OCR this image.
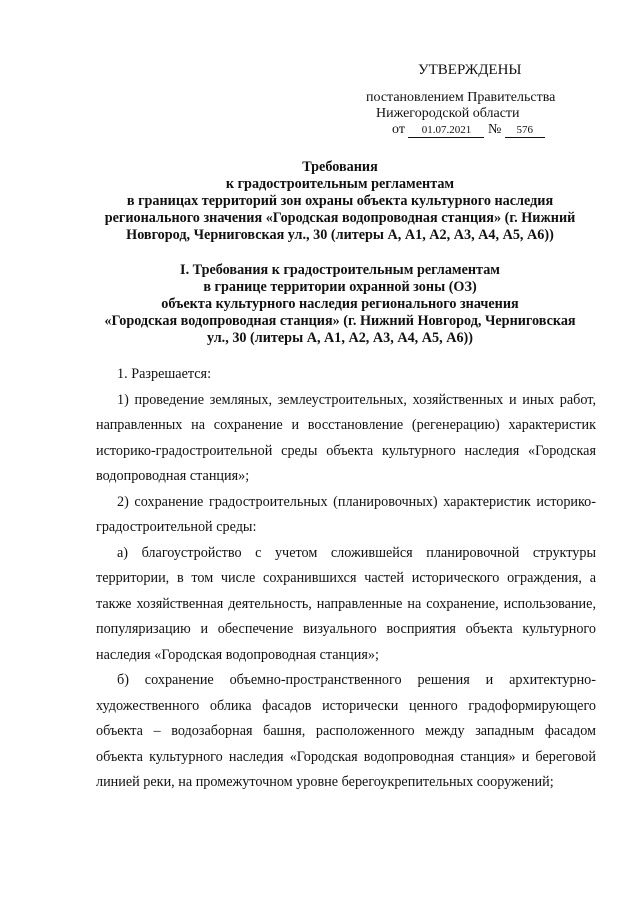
УТВЕРЖДЕНЫ
постановлением Правительства
Нижегородской области
от 01.07.2021 № 576
Требования
к градостроительным регламентам
в границах территорий зон охраны объекта культурного наследия
регионального значения «Городская водопроводная станция» (г. Нижний
Новгород, Черниговская ул., 30 (литеры А, А1, А2, А3, А4, А5, А6))
I. Требования к градостроительным регламентам
в границе территории охранной зоны (ОЗ)
объекта культурного наследия регионального значения
«Городская водопроводная станция» (г. Нижний Новгород, Черниговская
ул., 30 (литеры А, А1, А2, А3, А4, А5, А6))

1. Разрешается:

1) проведение земляных, землеустроительных, хозяйственных и иных работ, направленных на сохранение и восстановление (регенерацию) характеристик историко-градостроительной среды объекта культурного наследия «Городская водопроводная станция»;

2) сохранение градостроительных (планировочных) характеристик историко-градостроительной среды:

а) благоустройство с учетом сложившейся планировочной структуры территории, в том числе сохранившихся частей исторического ограждения, а также хозяйственная деятельность, направленные на сохранение, использование, популяризацию и обеспечение визуального восприятия объекта культурного наследия «Городская водопроводная станция»;

б) сохранение объемно-пространственного решения и архитектурно-художественного облика фасадов исторически ценного градоформирующего объекта – водозаборная башня, расположенного между западным фасадом объекта культурного наследия «Городская водопроводная станция» и береговой линией реки, на промежуточном уровне берегоукрепительных сооружений;
